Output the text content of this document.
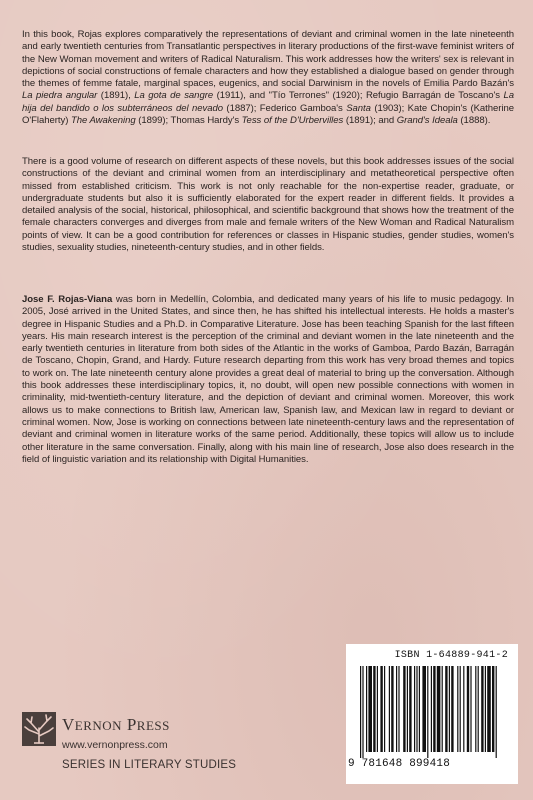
In this book, Rojas explores comparatively the representations of deviant and criminal women in the late nineteenth and early twentieth centuries from Transatlantic perspectives in literary productions of the first-wave feminist writers of the New Woman movement and writers of Radical Naturalism. This work addresses how the writers' sex is relevant in depictions of social constructions of female characters and how they established a dialogue based on gender through the themes of femme fatale, marginal spaces, eugenics, and social Darwinism in the novels of Emilia Pardo Bazán's La piedra angular (1891), La gota de sangre (1911), and "Tío Terrones" (1920); Refugio Barragán de Toscano's La hija del bandido o los subterráneos del nevado (1887); Federico Gamboa's Santa (1903); Kate Chopin's (Katherine O'Flaherty) The Awakening (1899); Thomas Hardy's Tess of the D'Urbervilles (1891); and Grand's Ideala (1888).

There is a good volume of research on different aspects of these novels, but this book addresses issues of the social constructions of the deviant and criminal women from an interdisciplinary and metatheoretical perspective often missed from established criticism. This work is not only reachable for the non-expertise reader, graduate, or undergraduate students but also it is sufficiently elaborated for the expert reader in different fields. It provides a detailed analysis of the social, historical, philosophical, and scientific background that shows how the treatment of the female characters converges and diverges from male and female writers of the New Woman and Radical Naturalism points of view. It can be a good contribution for references or classes in Hispanic studies, gender studies, women's studies, sexuality studies, nineteenth-century studies, and in other fields.

Jose F. Rojas-Viana was born in Medellín, Colombia, and dedicated many years of his life to music pedagogy. In 2005, José arrived in the United States, and since then, he has shifted his intellectual interests. He holds a master's degree in Hispanic Studies and a Ph.D. in Comparative Literature. Jose has been teaching Spanish for the last fifteen years. His main research interest is the perception of the criminal and deviant women in the late nineteenth and the early twentieth centuries in literature from both sides of the Atlantic in the works of Gamboa, Pardo Bazán, Barragán de Toscano, Chopin, Grand, and Hardy. Future research departing from this work has very broad themes and topics to work on. The late nineteenth century alone provides a great deal of material to bring up the conversation. Although this book addresses these interdisciplinary topics, it, no doubt, will open new possible connections with women in criminality, mid-twentieth-century literature, and the depiction of deviant and criminal women. Moreover, this work allows us to make connections to British law, American law, Spanish law, and Mexican law in regard to deviant or criminal women. Now, Jose is working on connections between late nineteenth-century laws and the representation of deviant and criminal women in literature works of the same period. Additionally, these topics will allow us to include other literature in the same conversation. Finally, along with his main line of research, Jose also does research in the field of linguistic variation and its relationship with Digital Humanities.

ISBN 1-64889-941-2
9 781648 899418
VERNON PRESS
www.vernonpress.com
SERIES IN LITERARY STUDIES
